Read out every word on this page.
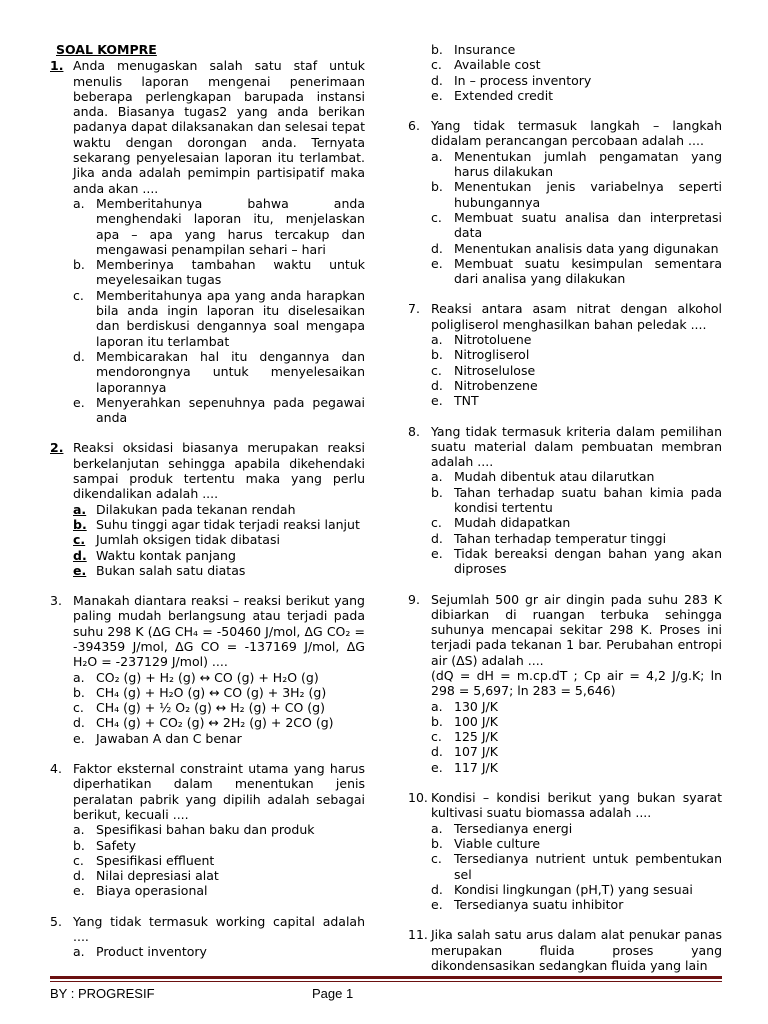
SOAL KOMPRE
1. Anda menugaskan salah satu staf untuk menulis laporan mengenai penerimaan beberapa perlengkapan barupada instansi anda. Biasanya tugas2 yang anda berikan padanya dapat dilaksanakan dan selesai tepat waktu dengan dorongan anda. Ternyata sekarang penyelesaian laporan itu terlambat. Jika anda adalah pemimpin partisipatif maka anda akan ....
a. Memberitahunya bahwa anda menghendaki laporan itu, menjelaskan apa – apa yang harus tercakup dan mengawasi penampilan sehari – hari
b. Memberinya tambahan waktu untuk meyelesaikan tugas
c. Memberitahunya apa yang anda harapkan bila anda ingin laporan itu diselesaikan dan berdiskusi dengannya soal mengapa laporan itu terlambat
d. Membicarakan hal itu dengannya dan mendorongnya untuk menyelesaikan laporannya
e. Menyerahkan sepenuhnya pada pegawai anda
2. Reaksi oksidasi biasanya merupakan reaksi berkelanjutan sehingga apabila dikehendaki sampai produk tertentu maka yang perlu dikendalikan adalah ....
a. Dilakukan pada tekanan rendah
b. Suhu tinggi agar tidak terjadi reaksi lanjut
c. Jumlah oksigen tidak dibatasi
d. Waktu kontak panjang
e. Bukan salah satu diatas
3. Manakah diantara reaksi – reaksi berikut yang paling mudah berlangsung atau terjadi pada suhu 298 K (ΔG CH₄ = -50460 J/mol, ΔG CO₂ = -394359 J/mol, ΔG CO = -137169 J/mol, ΔG H₂O = -237129 J/mol) ....
a. CO₂ (g) + H₂ (g) ↔ CO (g) + H₂O (g)
b. CH₄ (g) + H₂O (g) ↔ CO (g) + 3H₂ (g)
c. CH₄ (g) + ½ O₂ (g) ↔ H₂ (g) + CO (g)
d. CH₄ (g) + CO₂ (g) ↔ 2H₂ (g) + 2CO (g)
e. Jawaban A dan C benar
4. Faktor eksternal constraint utama yang harus diperhatikan dalam menentukan jenis peralatan pabrik yang dipilih adalah sebagai berikut, kecuali ....
a. Spesifikasi bahan baku dan produk
b. Safety
c. Spesifikasi effluent
d. Nilai depresiasi alat
e. Biaya operasional
5. Yang tidak termasuk working capital adalah ....
a. Product inventory
b. Insurance
c. Available cost
d. In – process inventory
e. Extended credit
6. Yang tidak termasuk langkah – langkah didalam perancangan percobaan adalah ....
a. Menentukan jumlah pengamatan yang harus dilakukan
b. Menentukan jenis variabelnya seperti hubungannya
c. Membuat suatu analisa dan interpretasi data
d. Menentukan analisis data yang digunakan
e. Membuat suatu kesimpulan sementara dari analisa yang dilakukan
7. Reaksi antara asam nitrat dengan alkohol poligliserol menghasilkan bahan peledak ....
a. Nitrotoluene
b. Nitrogliserol
c. Nitroselulose
d. Nitrobenzene
e. TNT
8. Yang tidak termasuk kriteria dalam pemilihan suatu material dalam pembuatan membran adalah ....
a. Mudah dibentuk atau dilarutkan
b. Tahan terhadap suatu bahan kimia pada kondisi tertentu
c. Mudah didapatkan
d. Tahan terhadap temperatur tinggi
e. Tidak bereaksi dengan bahan yang akan diproses
9. Sejumlah 500 gr air dingin pada suhu 283 K dibiarkan di ruangan terbuka sehingga suhunya mencapai sekitar 298 K. Proses ini terjadi pada tekanan 1 bar. Perubahan entropi air (ΔS) adalah ....
(dQ = dH = m.cp.dT ; Cp air = 4,2 J/g.K; ln 298 = 5,697; ln 283 = 5,646)
a. 130 J/K
b. 100 J/K
c. 125 J/K
d. 107 J/K
e. 117 J/K
10. Kondisi – kondisi berikut yang bukan syarat kultivasi suatu biomassa adalah ....
a. Tersedianya energi
b. Viable culture
c. Tersedianya nutrient untuk pembentukan sel
d. Kondisi lingkungan (pH,T) yang sesuai
e. Tersedianya suatu inhibitor
11. Jika salah satu arus dalam alat penukar panas merupakan fluida proses yang dikondensasikan sedangkan fluida yang lain
BY : PROGRESIF	Page 1
